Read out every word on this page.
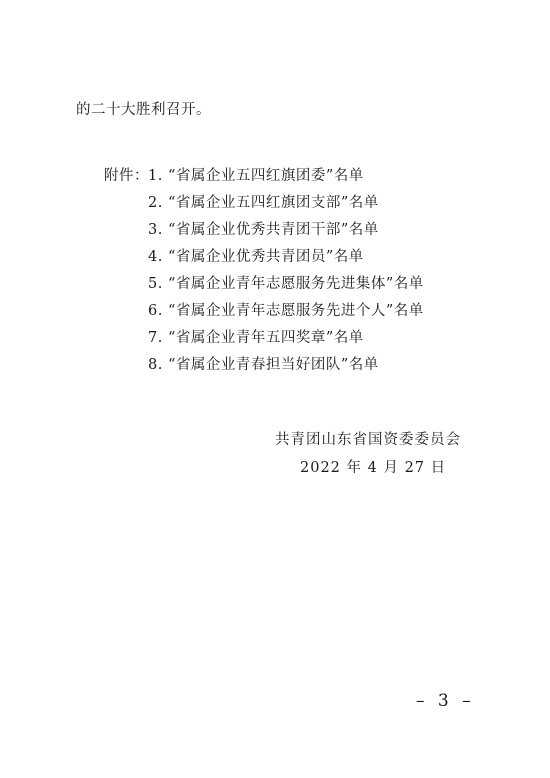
的二十大胜利召开。
附件： 1. “省属企业五四红旗团委”名单
2. “省属企业五四红旗团支部”名单
3. “省属企业优秀共青团干部”名单
4. “省属企业优秀共青团员”名单
5. “省属企业青年志愿服务先进集体”名单
6. “省属企业青年志愿服务先进个人”名单
7. “省属企业青年五四奖章”名单
8. “省属企业青春担当好团队”名单
共青团山东省国资委委员会
2022 年 4 月 27 日
– 3 –
